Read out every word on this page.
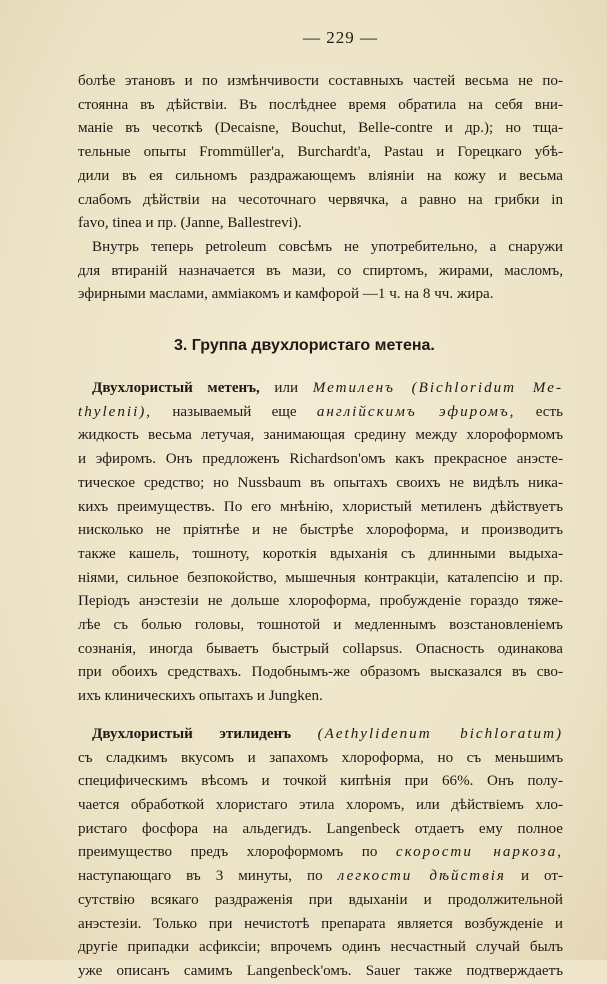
— 229 —
болѣе этановъ и по измѣнчивости составныхъ частей весьма не по-
стоянна въ дѣйствіи. Въ послѣднее время обратила на себя вни-
маніе въ чесоткѣ (Decaisne, Bouchut, Belle-contre и др.); но тща-
тельные опыты Frommüller'a, Burchardt'a, Pastau и Горецкаго убѣ-
дили въ ея сильномъ раздражающемъ вліяніи на кожу и весьма
слабомъ дѣйствіи на чесоточнаго червячка, а равно на грибки in
favo, tinea и пр. (Janne, Ballestrevi).
Внутрь теперь petroleum совсѣмъ не употребительно, а снаружи
для втираній назначается въ мази, со спиртомъ, жирами, масломъ,
эфирными маслами, аммiакомъ и камфорой —1 ч. на 8 чч. жира.
3. Группа двухлористаго метена.
Двухлористый метенъ, или Метиленъ (Bichloridum Me-
thylenii), называемый еще англійскимъ эфиромъ, есть
жидкость весьма летучая, занимающая средину между хлороформомъ
и эфиромъ. Онъ предложенъ Richardson'омъ какъ прекрасное анэсте-
тическое средство; но Nussbaum въ опытахъ своихъ не видѣлъ ника-
кихъ преимуществъ. По его мнѣнію, хлористый метиленъ дѣйствуетъ
нисколько не пріятнѣе и не быстрѣе хлороформа, и производитъ
также кашель, тошноту, короткія вдыханія съ длинными выдыха-
ніями, сильное безпокойство, мышечныя контракціи, каталепсію и пр.
Періодъ анэстезіи не дольше хлороформа, пробужденіе гораздо тяже-
лѣе съ болью головы, тошнотой и медленнымъ возстановленіемъ
сознанія, иногда бываетъ быстрый collapsus. Опасность одинакова
при обоихъ средствахъ. Подобнымъ-же образомъ высказался въ сво-
ихъ клиническихъ опытахъ и Jungken.
Двухлористый этилиденъ (Aethylidenum bichloratum)
съ сладкимъ вкусомъ и запахомъ хлороформа, но съ меньшимъ
специфическимъ вѣсомъ и точкой кипѣнія при 66%. Онъ полу-
чается обработкой хлористаго этила хлоромъ, или дѣйствіемъ хло-
ристаго фосфора на альдегидъ. Langenbeck отдаетъ ему полное
преимущество предъ хлороформомъ по скорости наркоза,
наступающаго въ 3 минуты, по легкости дѣйствія и от-
сутствію всякаго раздраженія при вдыханіи и продолжительной
анэстезіи. Только при нечистотѣ препарата является возбужденіе и
другіе припадки асфиксіи; впрочемъ одинъ несчастный случай былъ
уже описанъ самимъ Langenbeck'омъ. Sauer также подтверждаетъ
